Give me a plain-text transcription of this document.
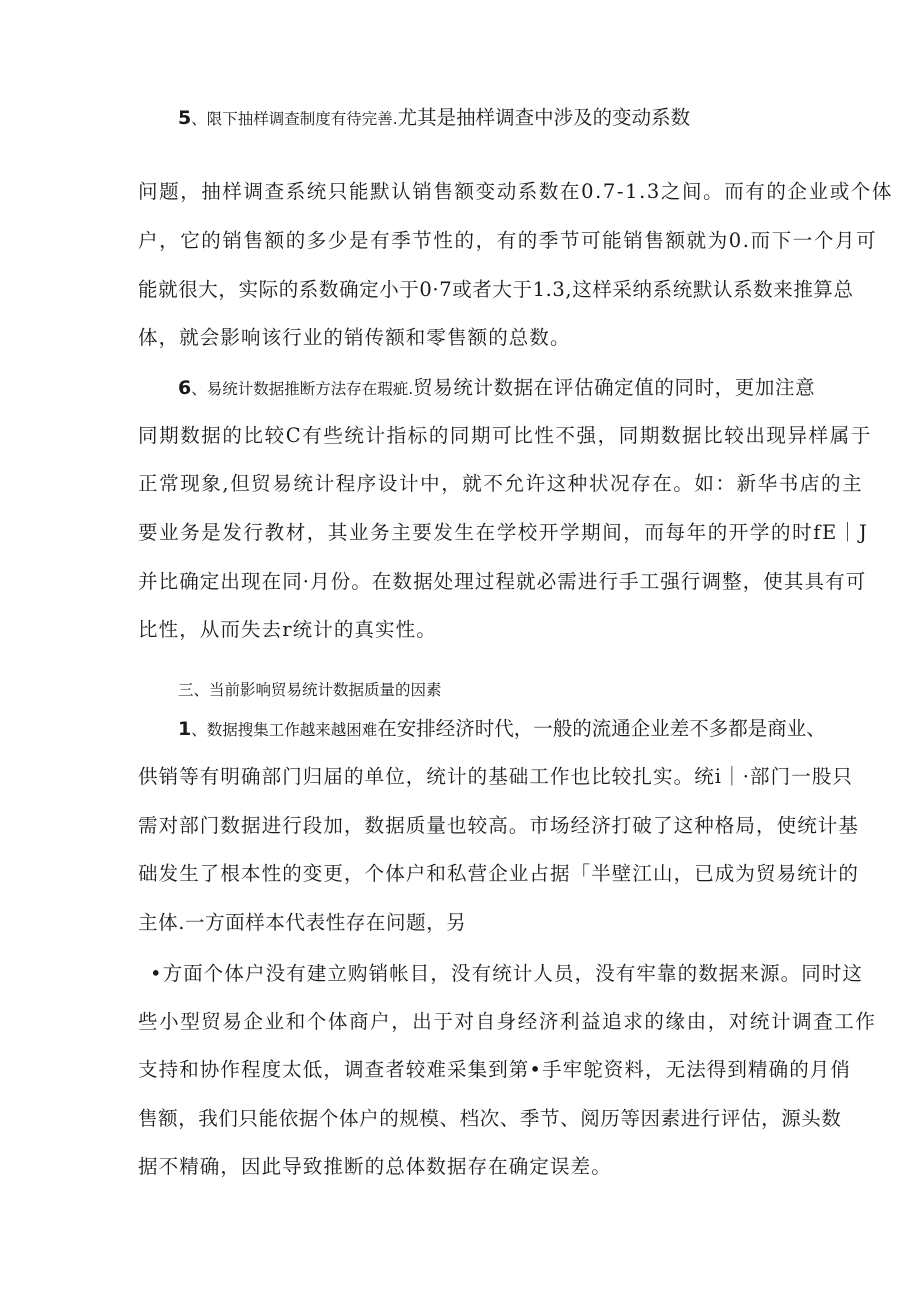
5、限下抽样调查制度有待完善.尤其是抽样调查中涉及的变动系数
问题，抽样调查系统只能默认销售额变动系数在0.7-1.3之间。而有的企业或个体
户，它的销售额的多少是有季节性的，有的季节可能销售额就为0.而下一个月可
能就很大，实际的系数确定小于0·7或者大于1.3,这样采纳系统默认系数来推算总
体，就会影响该行业的销传额和零售额的总数。
6、易统计数据推断方法存在瑕疵.贸易统计数据在评估确定值的同时，更加注意
同期数据的比较C有些统计指标的同期可比性不强，同期数据比较出现异样属于
正常现象,但贸易统计程序设计中，就不允许这种状况存在。如：新华书店的主
要业务是发行教材，其业务主要发生在学校开学期间，而每年的开学的时fE｜J
并比确定出现在同·月份。在数据处理过程就必需进行手工强行调整，使其具有可
比性，从而失去r统计的真实性。
三、当前影响贸易统计数据质量的因素
1、数据搜集工作越来越困难在安排经济时代，一般的流通企业差不多都是商业、
供销等有明确部门归届的单位，统计的基础工作也比较扎实。统i｜·部门一股只
需对部门数据进行段加，数据质量也较高。市场经济打破了这种格局，使统计基
础发生了根本性的变更，个体户和私营企业占据「半壁江山，已成为贸易统计的
主体.一方面样本代表性存在问题，另
•方面个体户没有建立购销帐目，没有统计人员，没有牢靠的数据来源。同时这
些小型贸易企业和个体商户，出于对自身经济利益追求的缘由，对统计调査工作
支持和协作程度太低，调查者较难采集到第•手牢鸵资料，无法得到精确的月俏
售额，我们只能依据个体户的规模、档次、季节、阅历等因素进行评估，源头数
据不精确，因此导致推断的总体数据存在确定误差。
